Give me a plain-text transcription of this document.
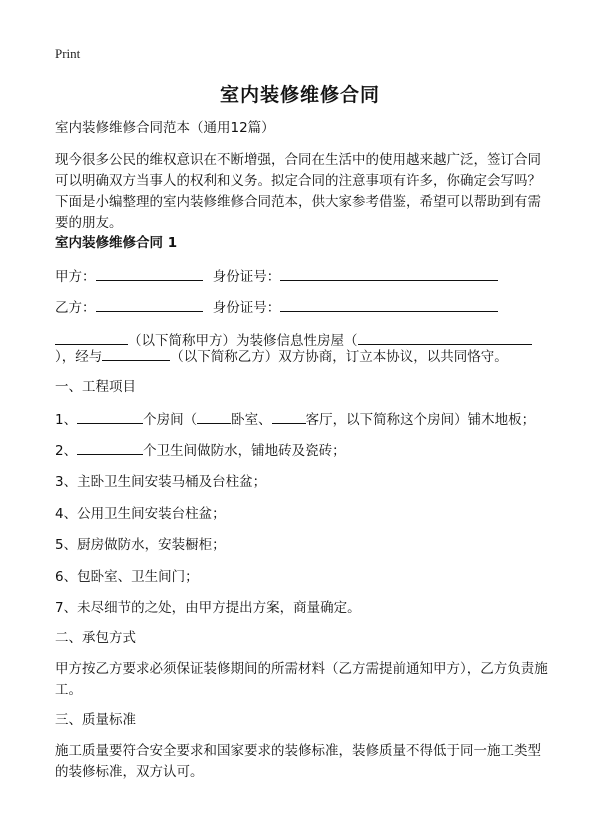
Print
室内装修维修合同
室内装修维修合同范本（通用12篇）
现今很多公民的维权意识在不断增强，合同在生活中的使用越来越广泛，签订合同可以明确双方当事人的权利和义务。拟定合同的注意事项有许多，你确定会写吗？下面是小编整理的室内装修维修合同范本，供大家参考借鉴，希望可以帮助到有需要的朋友。
室内装修维修合同 1
甲方：	身份证号：
乙方：	身份证号：
（以下简称甲方）为装修信息性房屋（
），经与	（以下简称乙方）双方协商，订立本协议，以共同恪守。
一、工程项目
1、	个房间（	卧室、	客厅，以下简称这个房间）铺木地板；
2、	个卫生间做防水，铺地砖及瓷砖；
3、主卧卫生间安装马桶及台柱盆；
4、公用卫生间安装台柱盆；
5、厨房做防水，安装橱柜；
6、包卧室、卫生间门；
7、未尽细节的之处，由甲方提出方案，商量确定。
二、承包方式
甲方按乙方要求必须保证装修期间的所需材料（乙方需提前通知甲方），乙方负责施工。
三、质量标准
施工质量要符合安全要求和国家要求的装修标准，装修质量不得低于同一施工类型的装修标准，双方认可。
